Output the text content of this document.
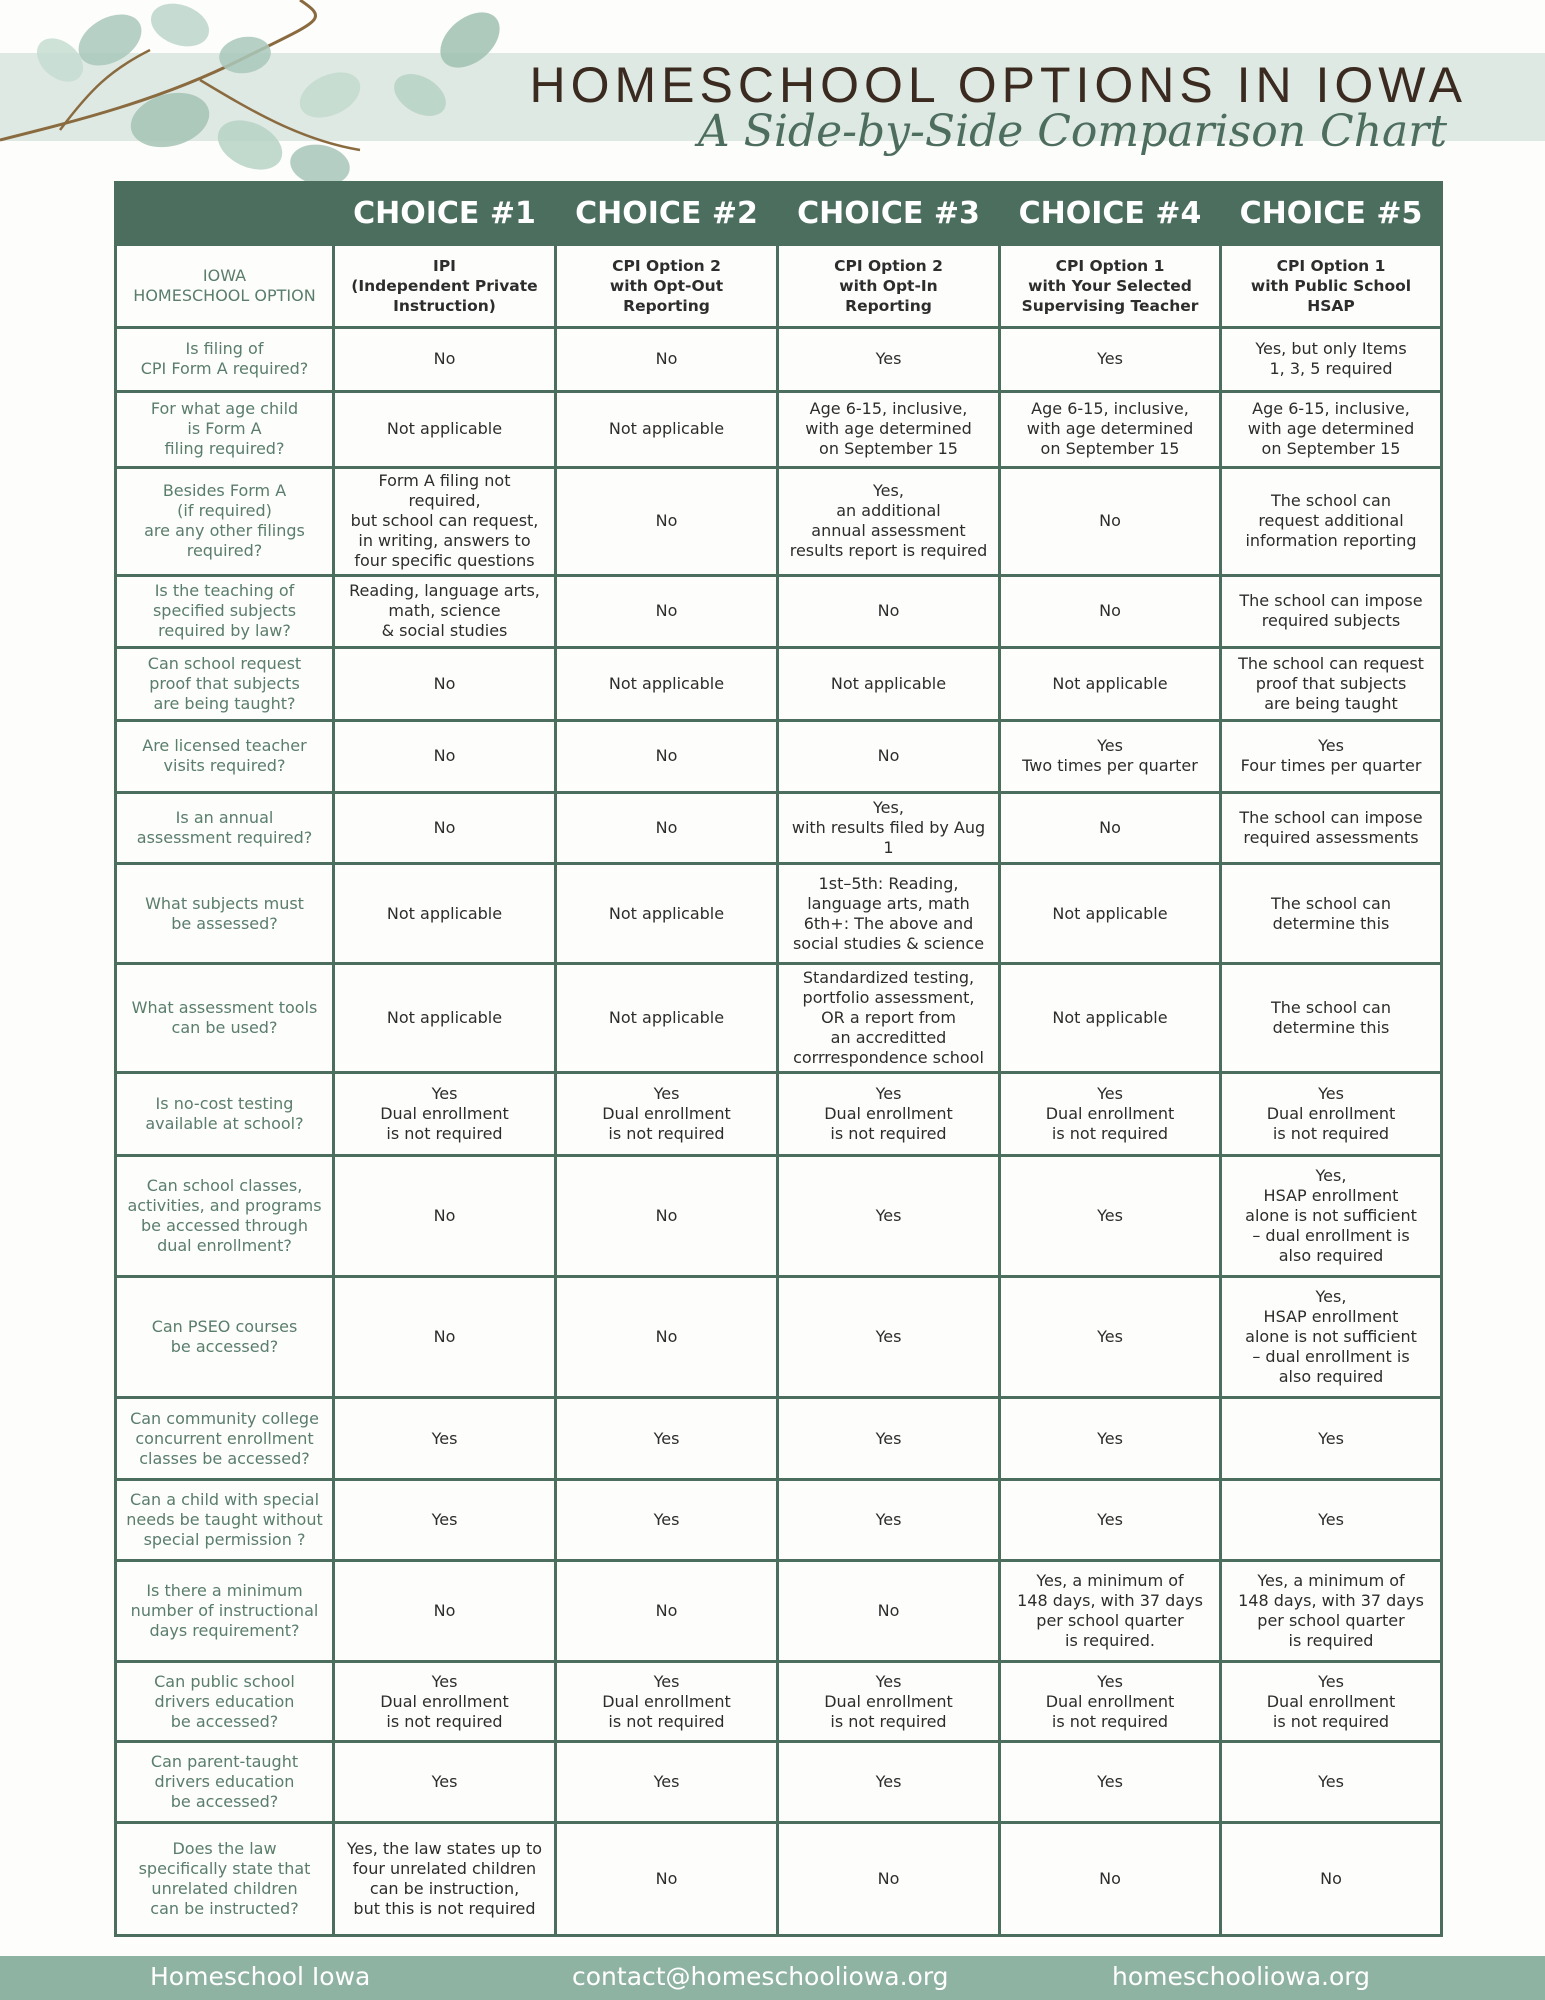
HOMESCHOOL OPTIONS IN IOWA
A Side-by-Side Comparison Chart
	CHOICE #1	CHOICE #2	CHOICE #3	CHOICE #4	CHOICE #5
IOWA
HOMESCHOOL OPTION	IPI
(Independent Private
Instruction)	CPI Option 2
with Opt-Out
Reporting	CPI Option 2
with Opt-In
Reporting	CPI Option 1
with Your Selected
Supervising Teacher	CPI Option 1
with Public School
HSAP
Is filing of
CPI Form A required?	No	No	Yes	Yes	Yes, but only Items
1, 3, 5 required
For what age child
is Form A
filing required?	Not applicable	Not applicable	Age 6-15, inclusive,
with age determined
on September 15	Age 6-15, inclusive,
with age determined
on September 15	Age 6-15, inclusive,
with age determined
on September 15
Besides Form A
(if required)
are any other filings
required?	Form A filing not required,
but school can request,
in writing, answers to
four specific questions	No	Yes,
an additional
annual assessment
results report is required	No	The school can
request additional
information reporting
Is the teaching of
specified subjects
required by law?	Reading, language arts,
math, science
& social studies	No	No	No	The school can impose
required subjects
Can school request
proof that subjects
are being taught?	No	Not applicable	Not applicable	Not applicable	The school can request
proof that subjects
are being taught
Are licensed teacher
visits required?	No	No	No	Yes
Two times per quarter	Yes
Four times per quarter
Is an annual
assessment required?	No	No	Yes,
with results filed by Aug 1	No	The school can impose
required assessments
What subjects must
be assessed?	Not applicable	Not applicable	1st–5th: Reading,
language arts, math
6th+: The above and
social studies & science	Not applicable	The school can
determine this
What assessment tools
can be used?	Not applicable	Not applicable	Standardized testing,
portfolio assessment,
OR a report from
an accreditted
corrrespondence school	Not applicable	The school can
determine this
Is no-cost testing
available at school?	Yes
Dual enrollment
is not required	Yes
Dual enrollment
is not required	Yes
Dual enrollment
is not required	Yes
Dual enrollment
is not required	Yes
Dual enrollment
is not required
Can school classes,
activities, and programs
be accessed through
dual enrollment?	No	No	Yes	Yes	Yes,
HSAP enrollment
alone is not sufficient
– dual enrollment is
also required
Can PSEO courses
be accessed?	No	No	Yes	Yes	Yes,
HSAP enrollment
alone is not sufficient
– dual enrollment is
also required
Can community college
concurrent enrollment
classes be accessed?	Yes	Yes	Yes	Yes	Yes
Can a child with special
needs be taught without
special permission ?	Yes	Yes	Yes	Yes	Yes
Is there a minimum
number of instructional
days requirement?	No	No	No	Yes, a minimum of
148 days, with 37 days
per school quarter
is required.	Yes, a minimum of
148 days, with 37 days
per school quarter
is required
Can public school
drivers education
be accessed?	Yes
Dual enrollment
is not required	Yes
Dual enrollment
is not required	Yes
Dual enrollment
is not required	Yes
Dual enrollment
is not required	Yes
Dual enrollment
is not required
Can parent-taught
drivers education
be accessed?	Yes	Yes	Yes	Yes	Yes
Does the law
specifically state that
unrelated children
can be instructed?	Yes, the law states up to
four unrelated children
can be instruction,
but this is not required	No	No	No	No
Homeschool Iowa	contact@homeschooliowa.org	homeschooliowa.org
